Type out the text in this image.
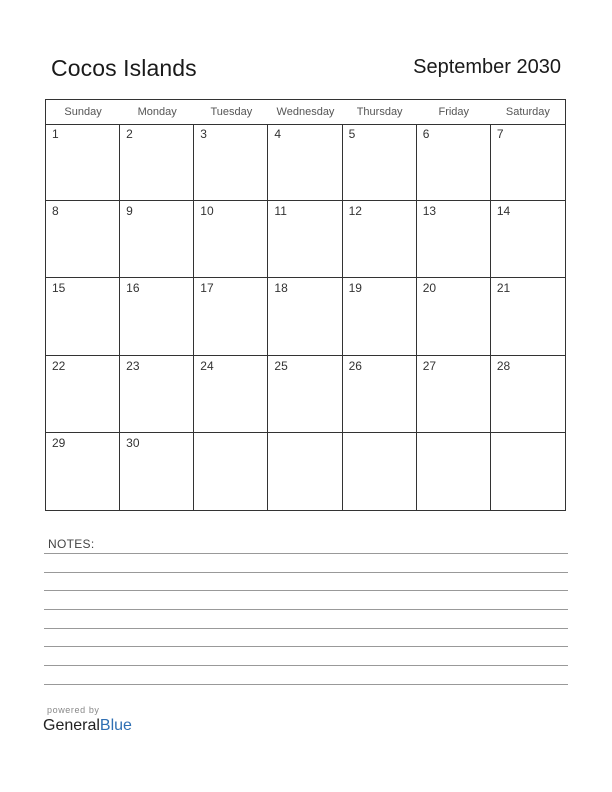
Cocos Islands	September 2030
Sunday	Monday	Tuesday	Wednesday	Thursday	Friday	Saturday
1	2	3	4	5	6	7
8	9	10	11	12	13	14
15	16	17	18	19	20	21
22	23	24	25	26	27	28
29	30
NOTES:
powered by
GeneralBlue
